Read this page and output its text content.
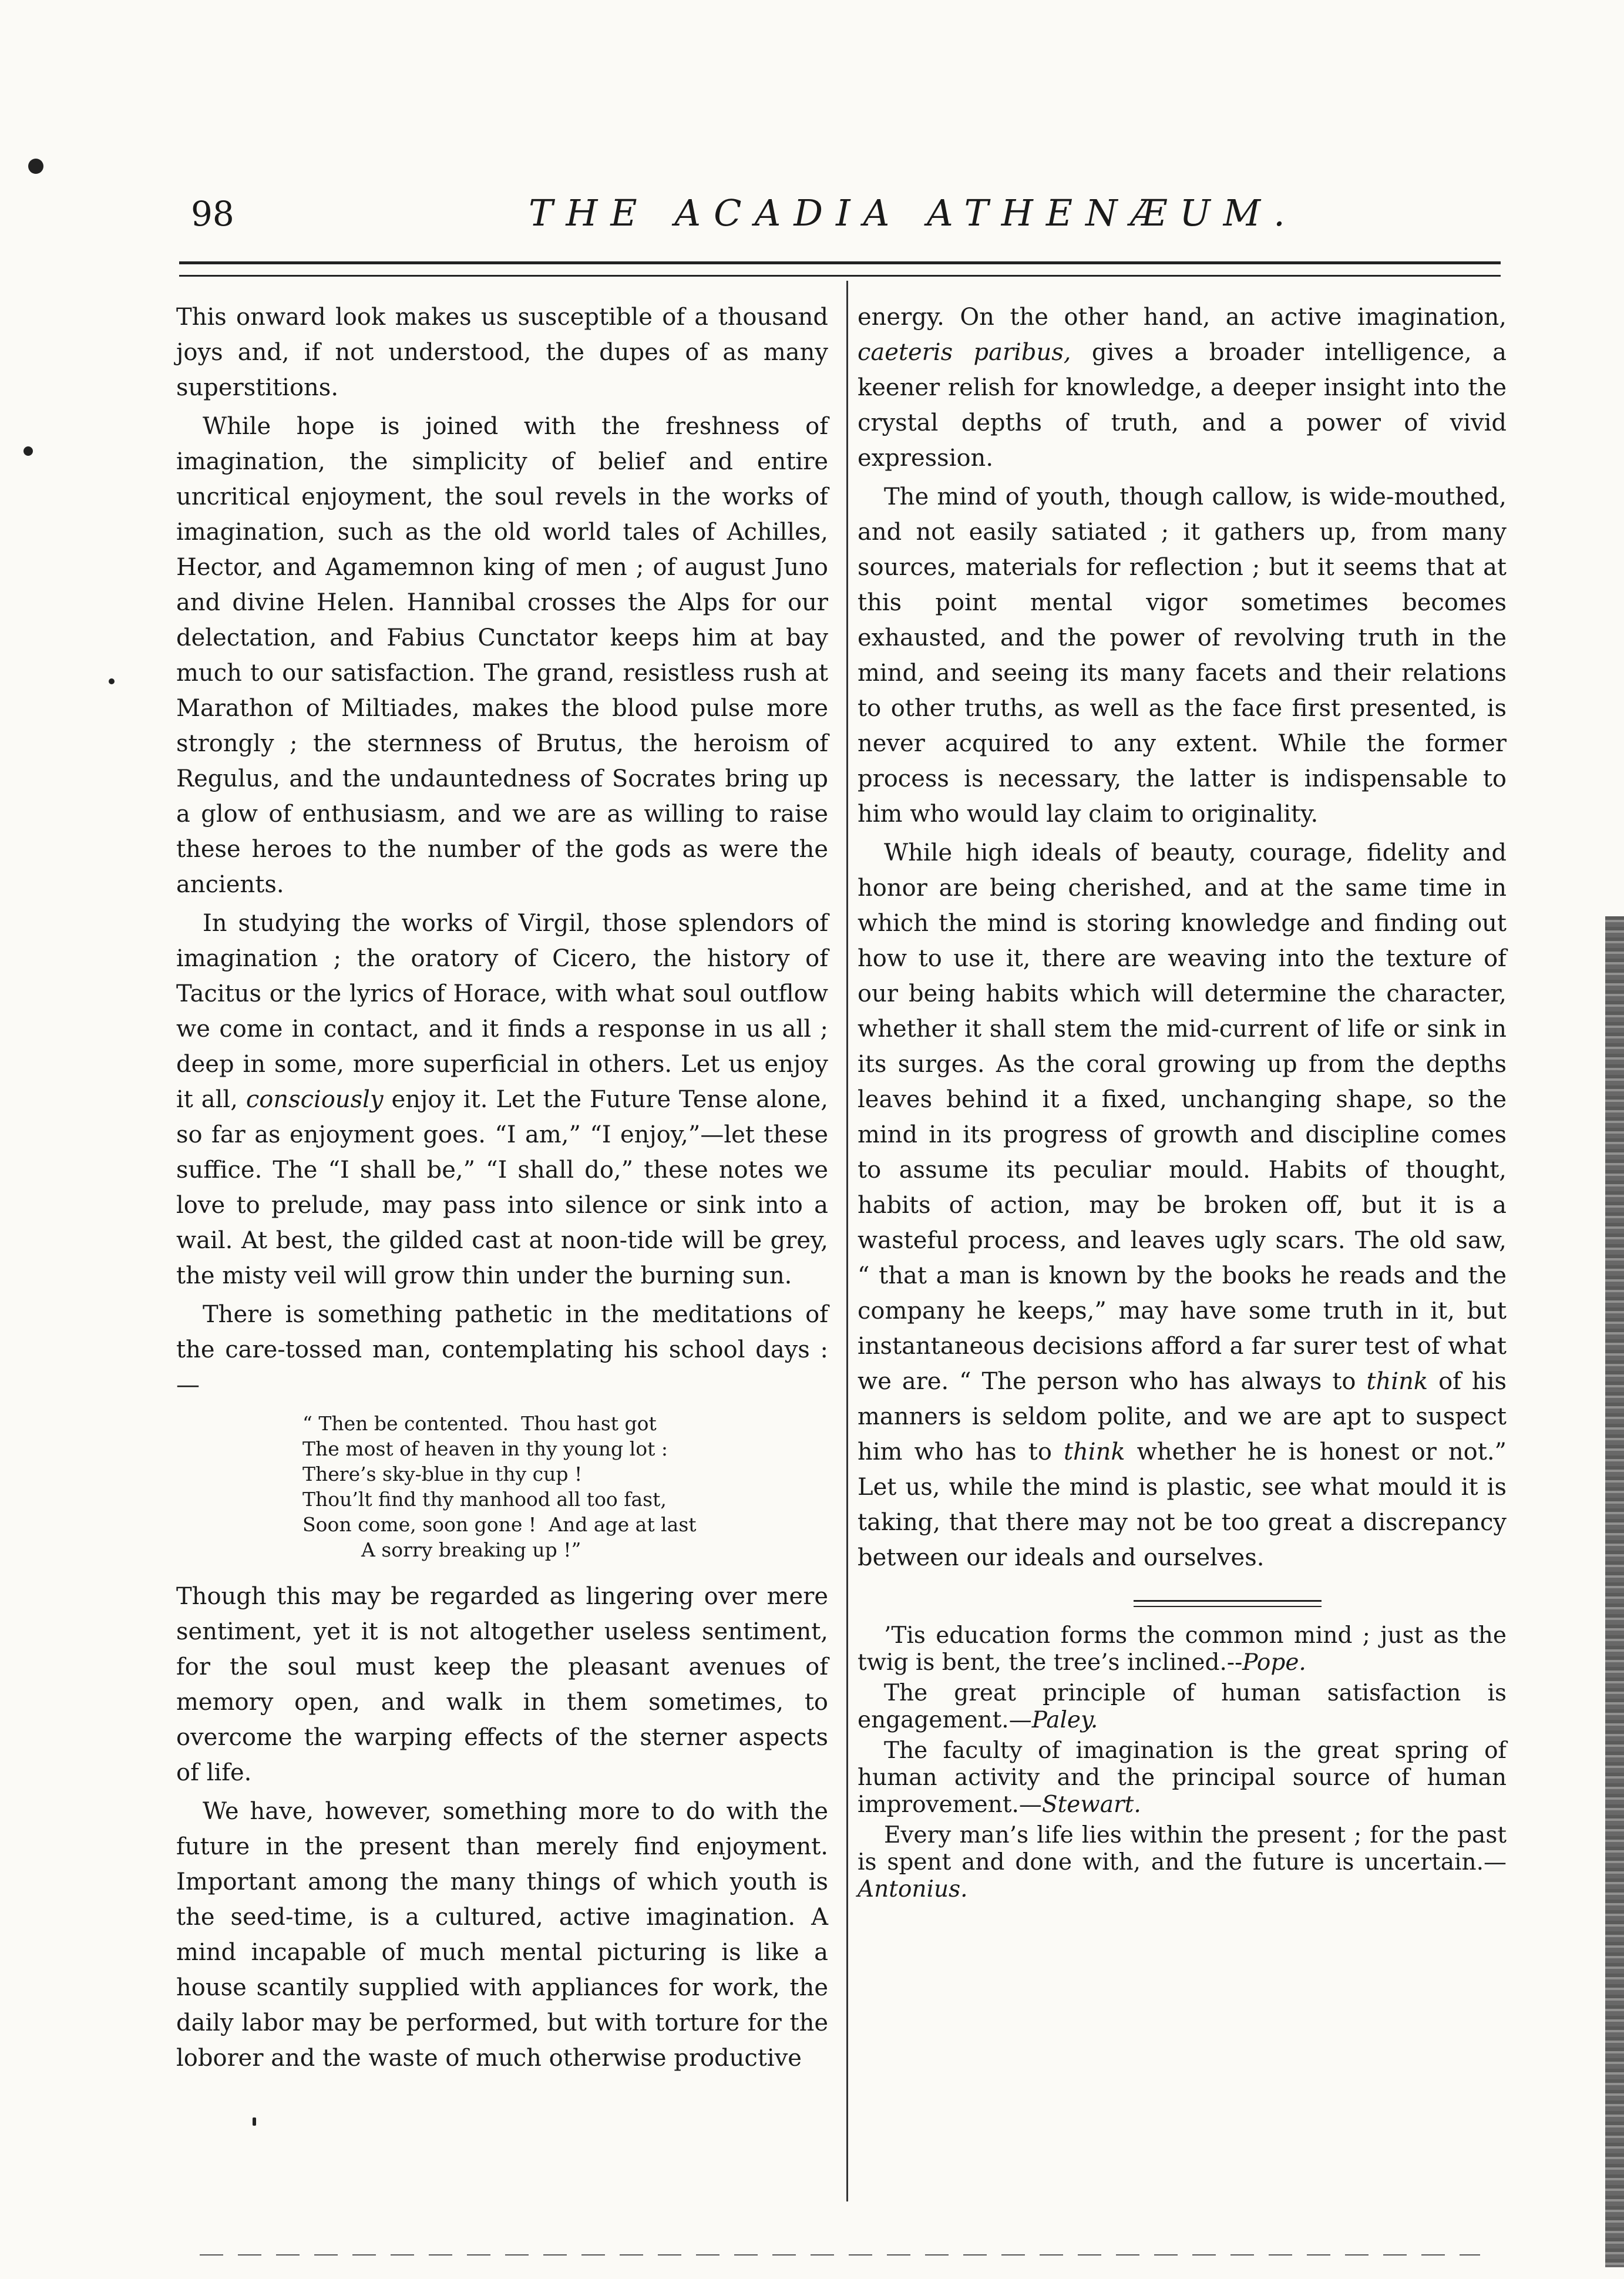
98	THE ACADIA ATHENÆUM.

This onward look makes us susceptible of a thousand joys and, if not understood, the dupes of as many superstitions.

While hope is joined with the freshness of imagination, the simplicity of belief and entire uncritical enjoyment, the soul revels in the works of imagination, such as the old world tales of Achilles, Hector, and Agamemnon king of men ; of august Juno and divine Helen. Hannibal crosses the Alps for our delectation, and Fabius Cunctator keeps him at bay much to our satisfaction. The grand, resistless rush at Marathon of Miltiades, makes the blood pulse more strongly ; the sternness of Brutus, the heroism of Regulus, and the undauntedness of Socrates bring up a glow of enthusiasm, and we are as willing to raise these heroes to the number of the gods as were the ancients.

In studying the works of Virgil, those splendors of imagination ; the oratory of Cicero, the history of Tacitus or the lyrics of Horace, with what soul outflow we come in contact, and it finds a response in us all ; deep in some, more superficial in others. Let us enjoy it all, consciously enjoy it. Let the Future Tense alone, so far as enjoyment goes. “I am,” “I enjoy,”—let these suffice. The “I shall be,” “I shall do,” these notes we love to prelude, may pass into silence or sink into a wail. At best, the gilded cast at noon-tide will be grey, the misty veil will grow thin under the burning sun.

There is something pathetic in the meditations of the care-tossed man, contemplating his school days :—

“ Then be contented.  Thou hast got
The most of heaven in thy young lot :
There’s sky-blue in thy cup !
Thou’lt find thy manhood all too fast,
Soon come, soon gone !  And age at last
A sorry breaking up !”

Though this may be regarded as lingering over mere sentiment, yet it is not altogether useless sentiment, for the soul must keep the pleasant avenues of memory open, and walk in them sometimes, to overcome the warping effects of the sterner aspects of life.

We have, however, something more to do with the future in the present than merely find enjoyment. Important among the many things of which youth is the seed-time, is a cultured, active imagination. A mind incapable of much mental picturing is like a house scantily supplied with appliances for work, the daily labor may be performed, but with torture for the loborer and the waste of much otherwise productive

energy. On the other hand, an active imagination, caeteris paribus, gives a broader intelligence, a keener relish for knowledge, a deeper insight into the crystal depths of truth, and a power of vivid expression.

The mind of youth, though callow, is wide-mouthed, and not easily satiated ; it gathers up, from many sources, materials for reflection ; but it seems that at this point mental vigor sometimes becomes exhausted, and the power of revolving truth in the mind, and seeing its many facets and their relations to other truths, as well as the face first presented, is never acquired to any extent. While the former process is necessary, the latter is indispensable to him who would lay claim to originality.

While high ideals of beauty, courage, fidelity and honor are being cherished, and at the same time in which the mind is storing knowledge and finding out how to use it, there are weaving into the texture of our being habits which will determine the character, whether it shall stem the mid-current of life or sink in its surges. As the coral growing up from the depths leaves behind it a fixed, unchanging shape, so the mind in its progress of growth and discipline comes to assume its peculiar mould. Habits of thought, habits of action, may be broken off, but it is a wasteful process, and leaves ugly scars. The old saw, “ that a man is known by the books he reads and the company he keeps,” may have some truth in it, but instantaneous decisions afford a far surer test of what we are. “ The person who has always to think of his manners is seldom polite, and we are apt to suspect him who has to think whether he is honest or not.” Let us, while the mind is plastic, see what mould it is taking, that there may not be too great a discrepancy between our ideals and ourselves.

’Tis education forms the common mind ; just as the twig is bent, the tree’s inclined.--Pope.

The great principle of human satisfaction is engagement.—Paley.

The faculty of imagination is the great spring of human activity and the principal source of human improvement.—Stewart.

Every man’s life lies within the present ; for the past is spent and done with, and the future is uncertain.—Antonius.
